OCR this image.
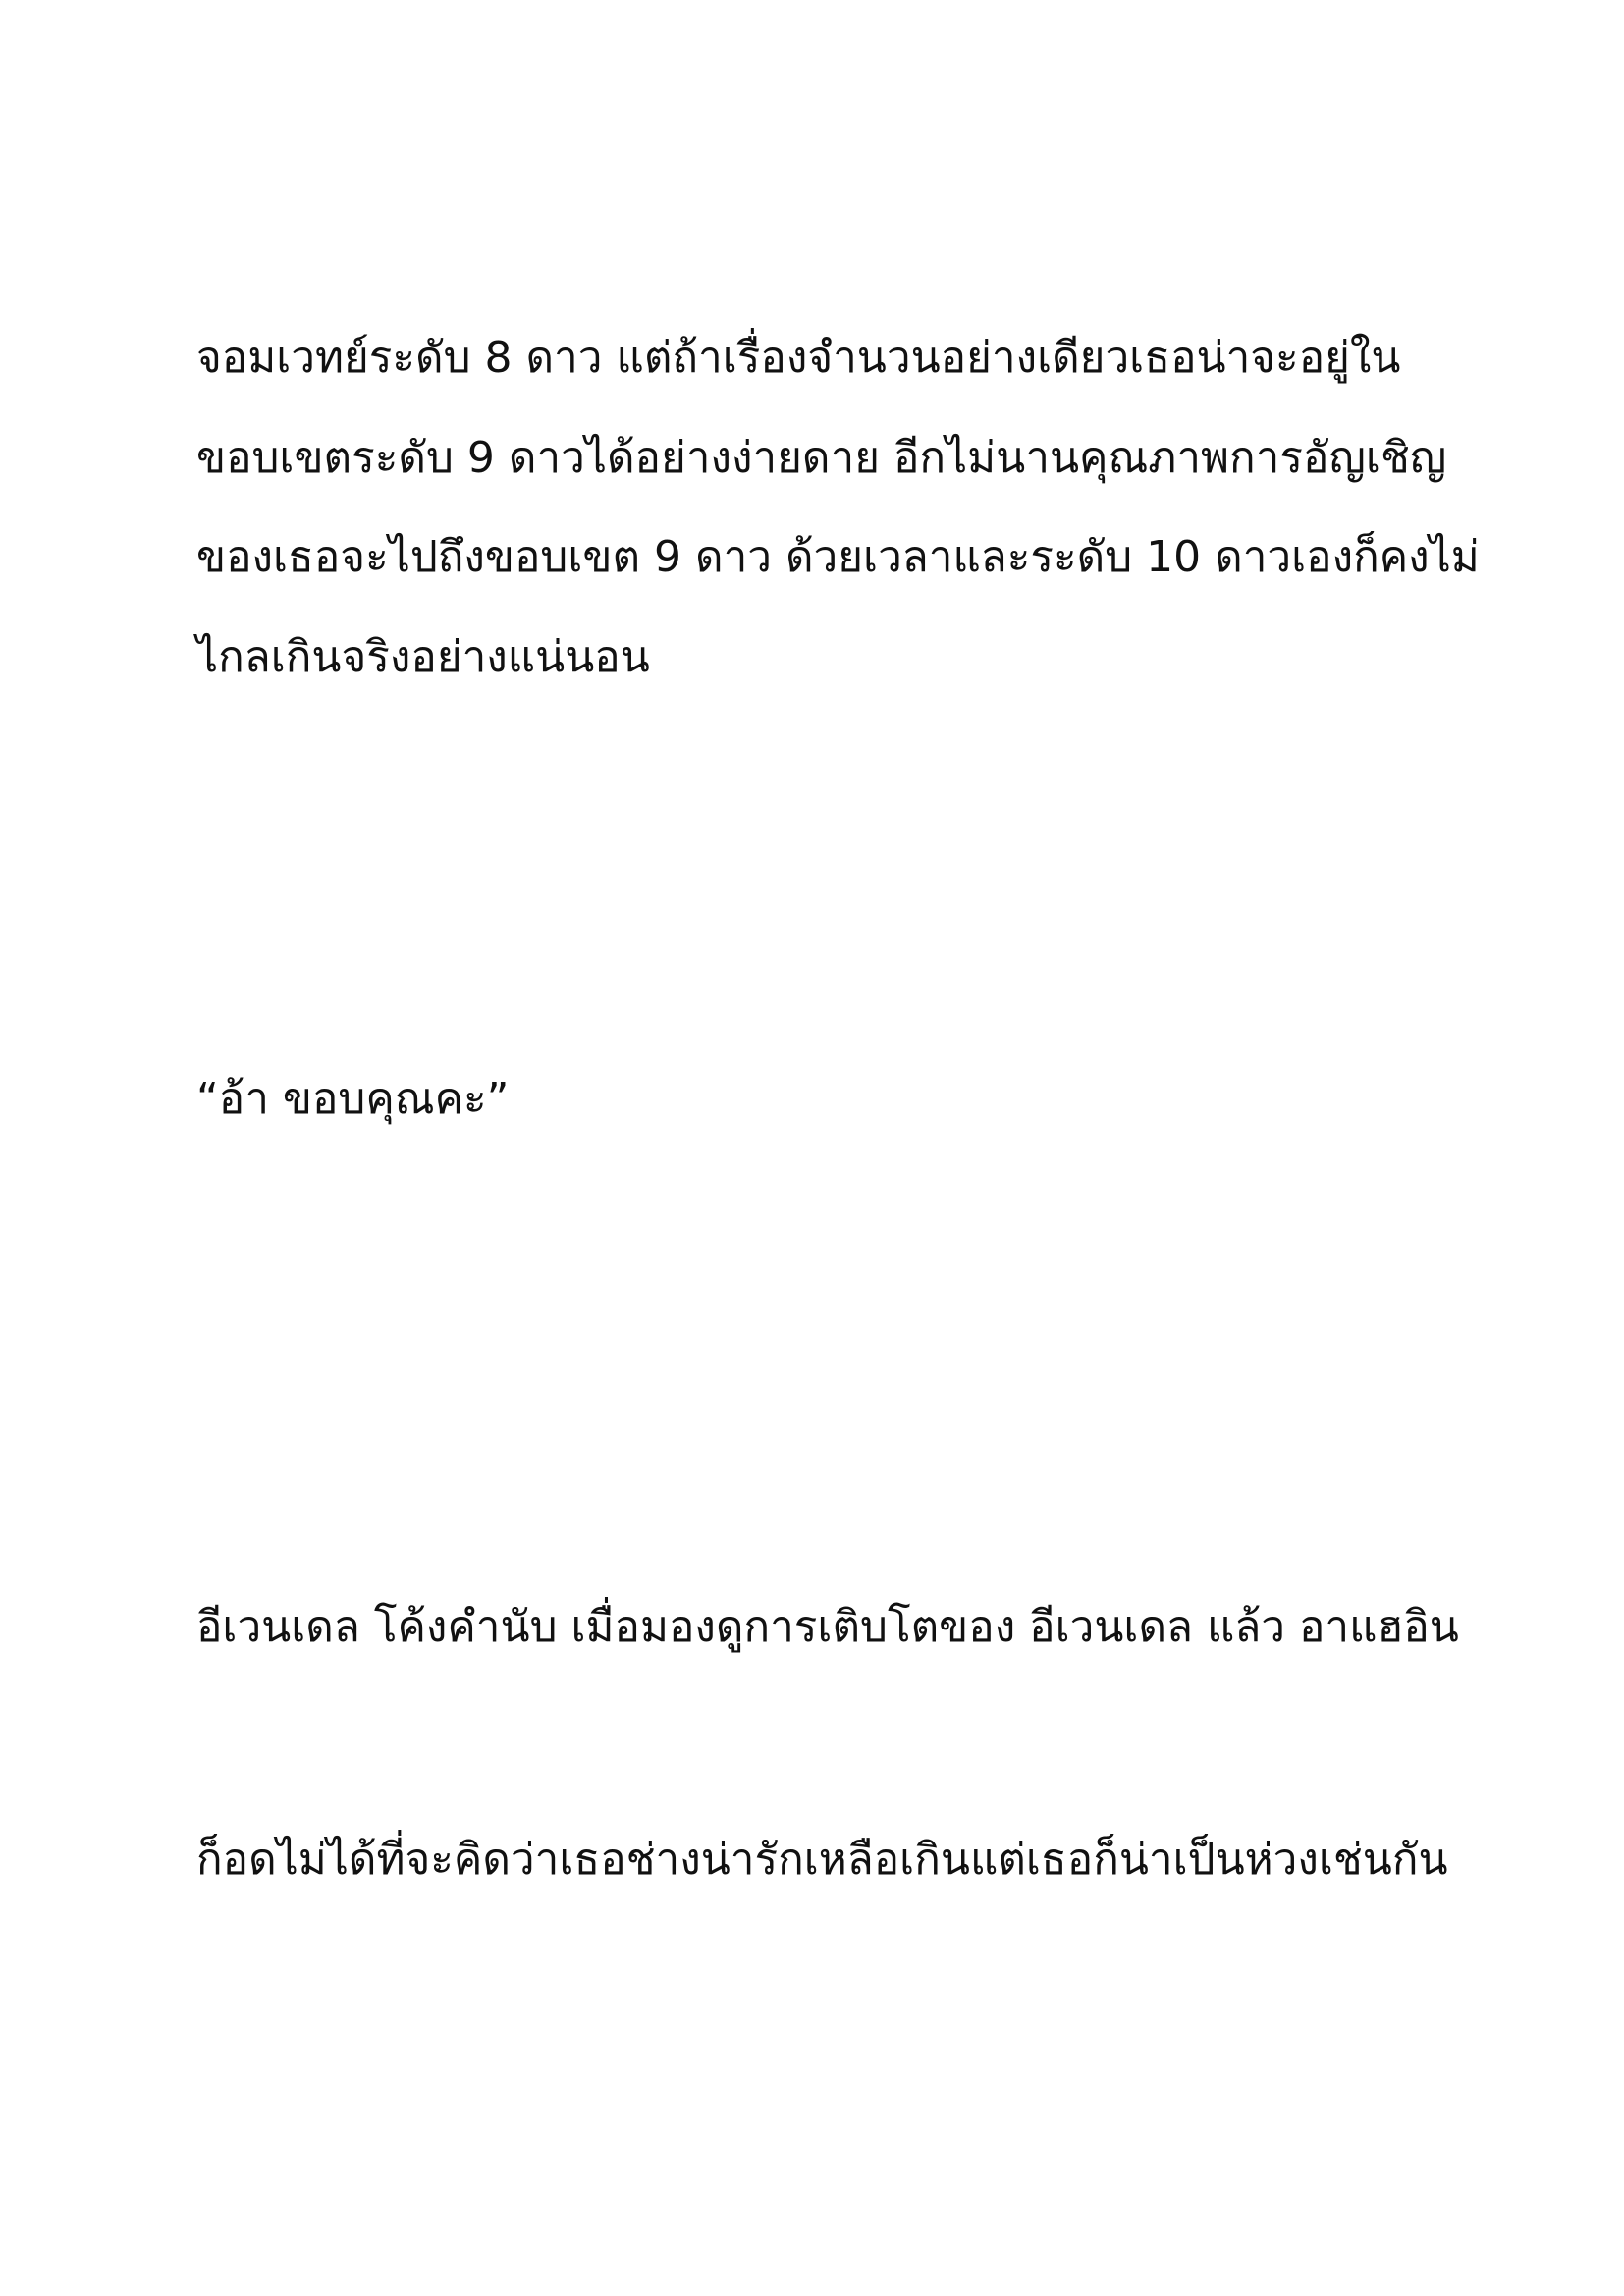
จอมเวทย์ระดับ 8 ดาว แต่ถ้าเรื่องจำนวนอย่างเดียวเธอน่าจะอยู่ใน

ขอบเขตระดับ 9 ดาวได้อย่างง่ายดาย อีกไม่นานคุณภาพการอัญเชิญ

ของเธอจะไปถึงขอบเขต 9 ดาว ด้วยเวลาและระดับ 10 ดาวเองก็คงไม่

ไกลเกินจริงอย่างแน่นอน

“อ้า ขอบคุณคะ”

อีเวนเดล โค้งคำนับ เมื่อมองดูการเติบโตของ อีเวนเดล แล้ว อาแฮอิน

ก็อดไม่ได้ที่จะคิดว่าเธอช่างน่ารักเหลือเกินแต่เธอก็น่าเป็นห่วงเช่นกัน
